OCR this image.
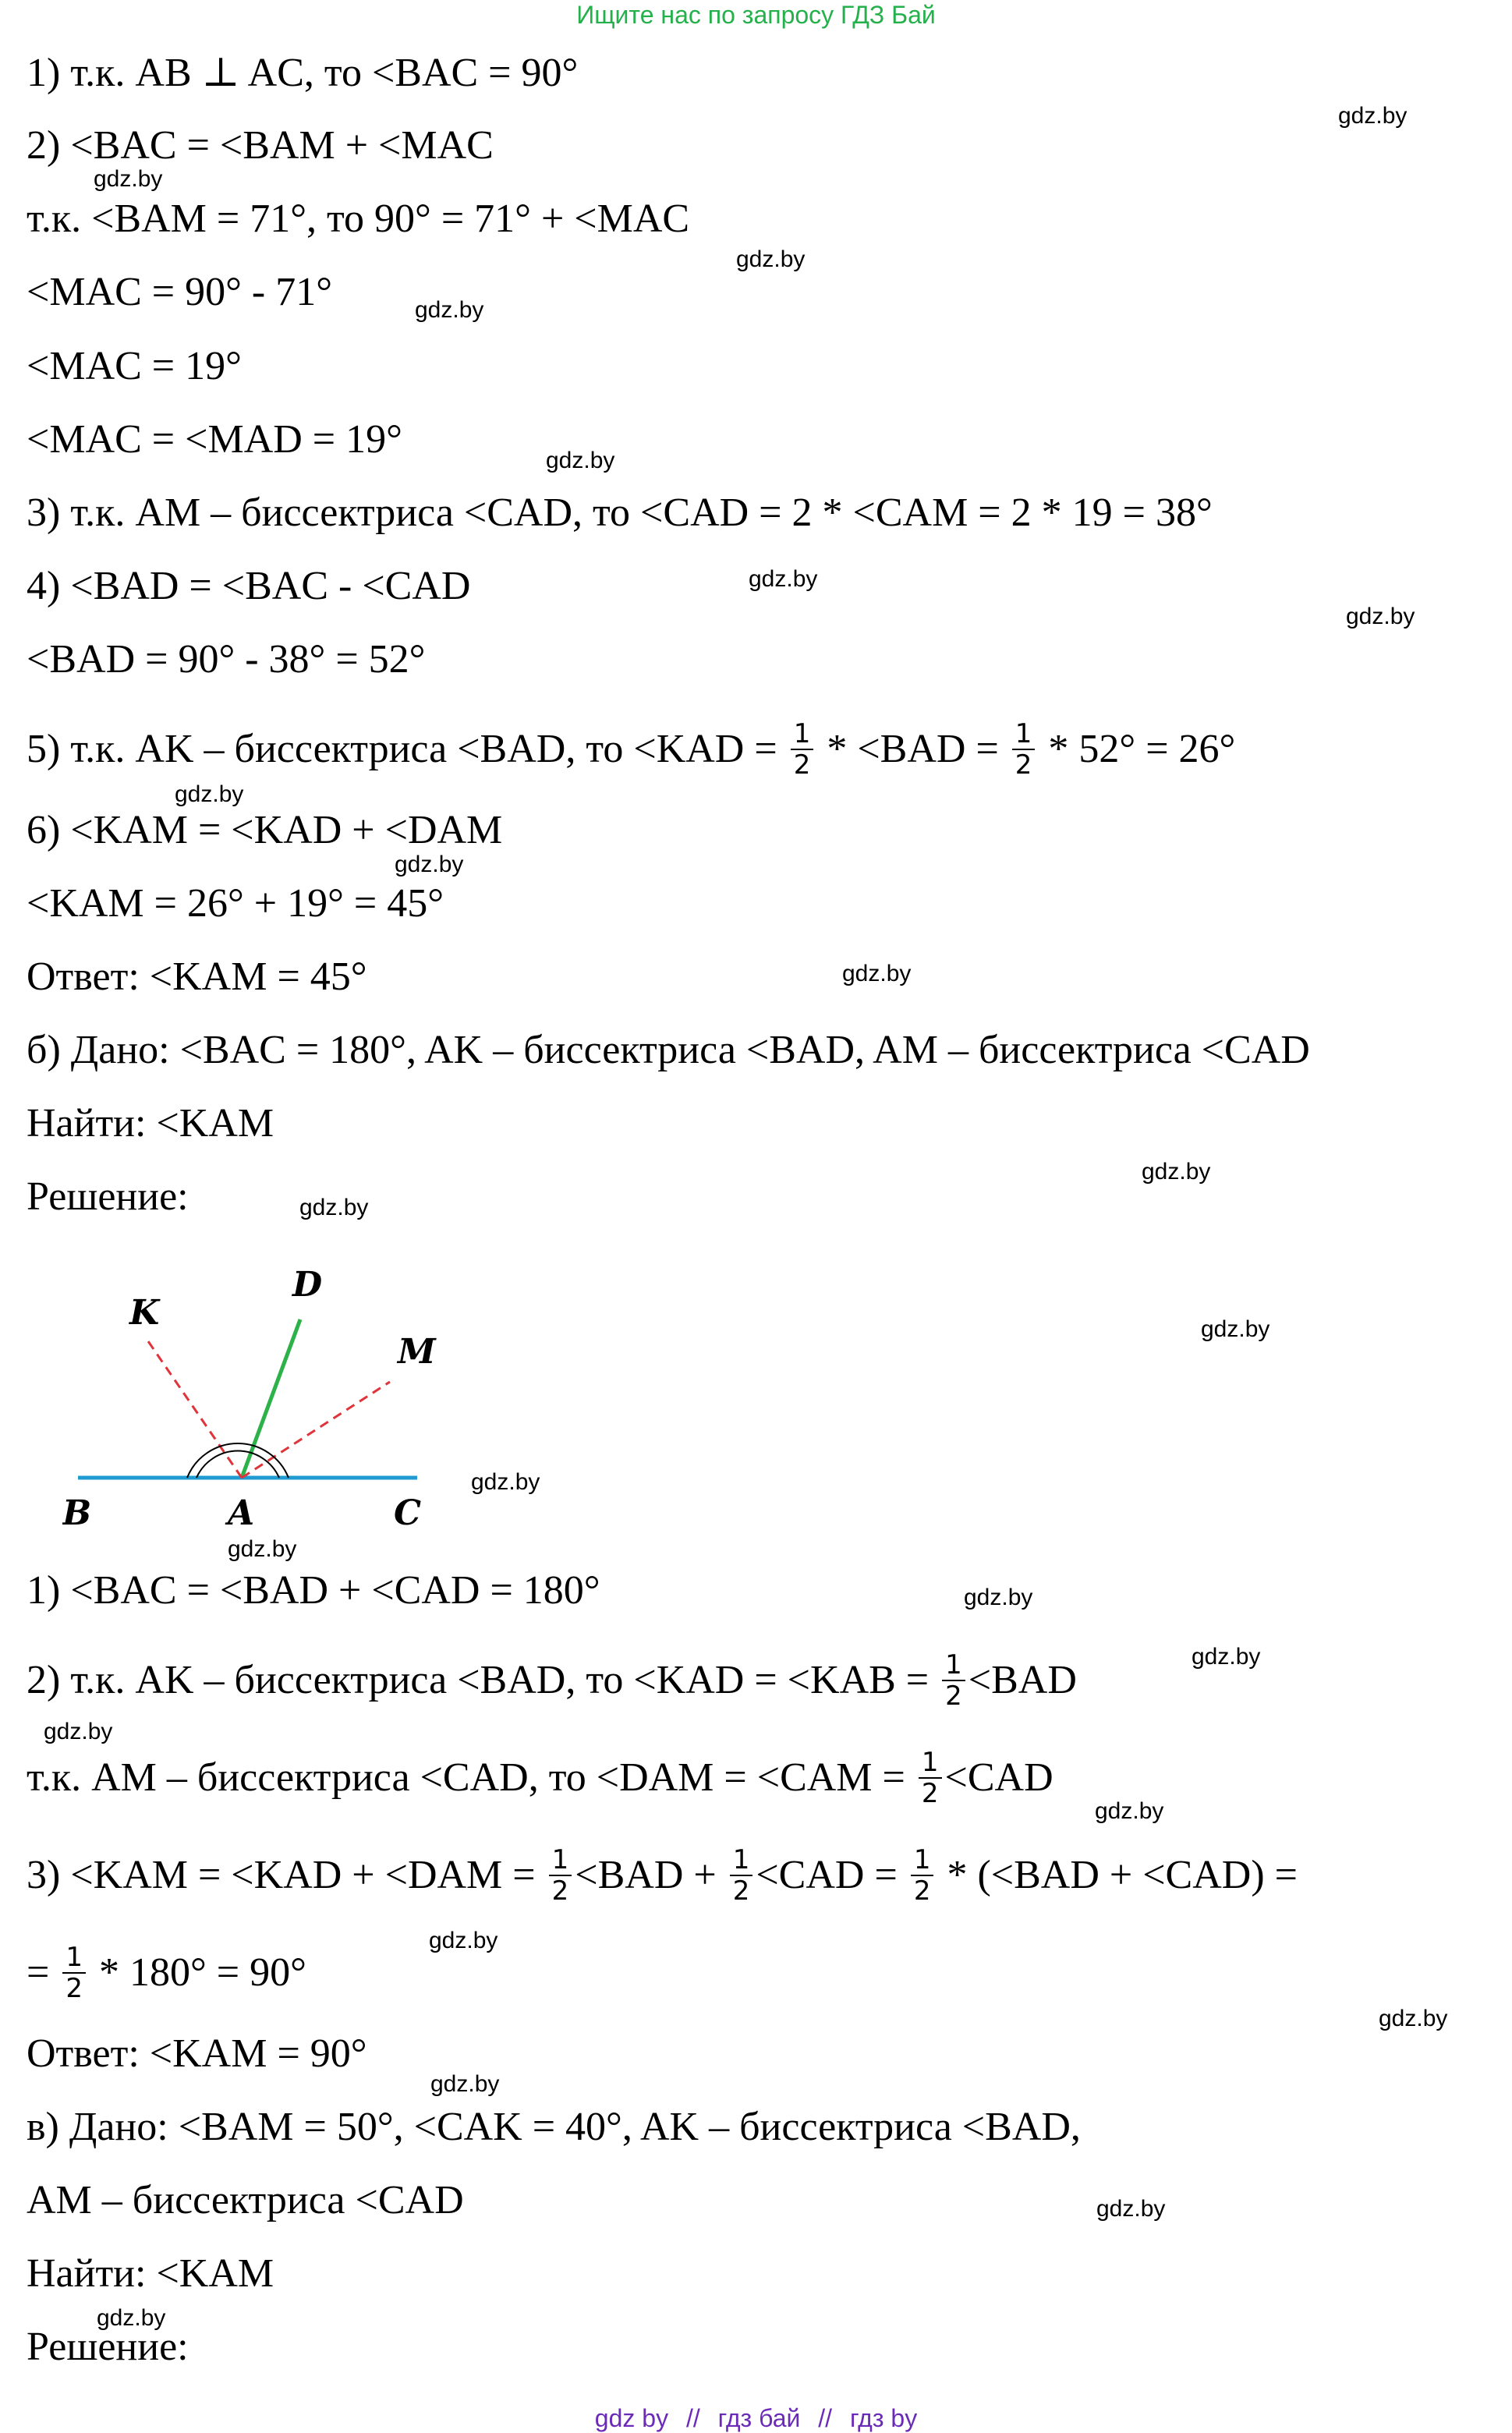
Ищите нас по запросу ГДЗ Бай
1) т.к. AB ⊥ AC, то <BAC = 90°
2) <BAC = <BAM + <MAC
т.к. <BAM = 71°, то 90° = 71° + <MAC
<MAC = 90° - 71°
<MAC = 19°
<MAC = <MAD = 19°
3) т.к. AM – биссектриса <CAD, то <CAD = 2 * <CAM = 2 * 19 = 38°
4) <BAD = <BAC - <CAD
<BAD = 90° - 38° = 52°
5) т.к. AK – биссектриса <BAD, то $<KAD = \frac{1}{2} * <BAD = \frac{1}{2} * 52^\circ = 26^\circ$
6) <KAM = <KAD + <DAM
<KAM = 26° + 19° = 45°
Ответ: <KAM = 45°
б) Дано: <BAC = 180°, AK – биссектриса <BAD, AM – биссектриса <CAD
Найти: <KAM
Решение:
K
D
M
B	A	C
1) <BAC = <BAD + <CAD = 180°
2) т.к. AK – биссектриса <BAD, то $<KAD = <KAB = \frac{1}{2} <BAD$
т.к. AM – биссектриса <CAD, то $<DAM = <CAM = \frac{1}{2} <CAD$
$3) <KAM = <KAD + <DAM = \frac{1}{2} <BAD + \frac{1}{2} <CAD = \frac{1}{2} * (<BAD + <CAD)$ =
= $\frac{1}{2} * 180^\circ = 90^\circ$
Ответ: <KAM = 90°
в) Дано: <BAM = 50°, <CAK = 40°, AK – биссектриса <BAD,
AM – биссектриса <CAD
Найти: <KAM
Решение:
gdz.by
gdz.by
gdz.by
gdz.by
gdz.by
gdz.by
gdz.by
gdz.by
gdz.by
gdz.by
gdz.by
gdz.by
gdz.by
gdz.by
gdz.by
gdz.by
gdz.by
gdz.by
gdz.by
gdz.by
gdz.by
gdz.by
gdz.by
gdz.by
gdz by // гдз бай // гдз by
